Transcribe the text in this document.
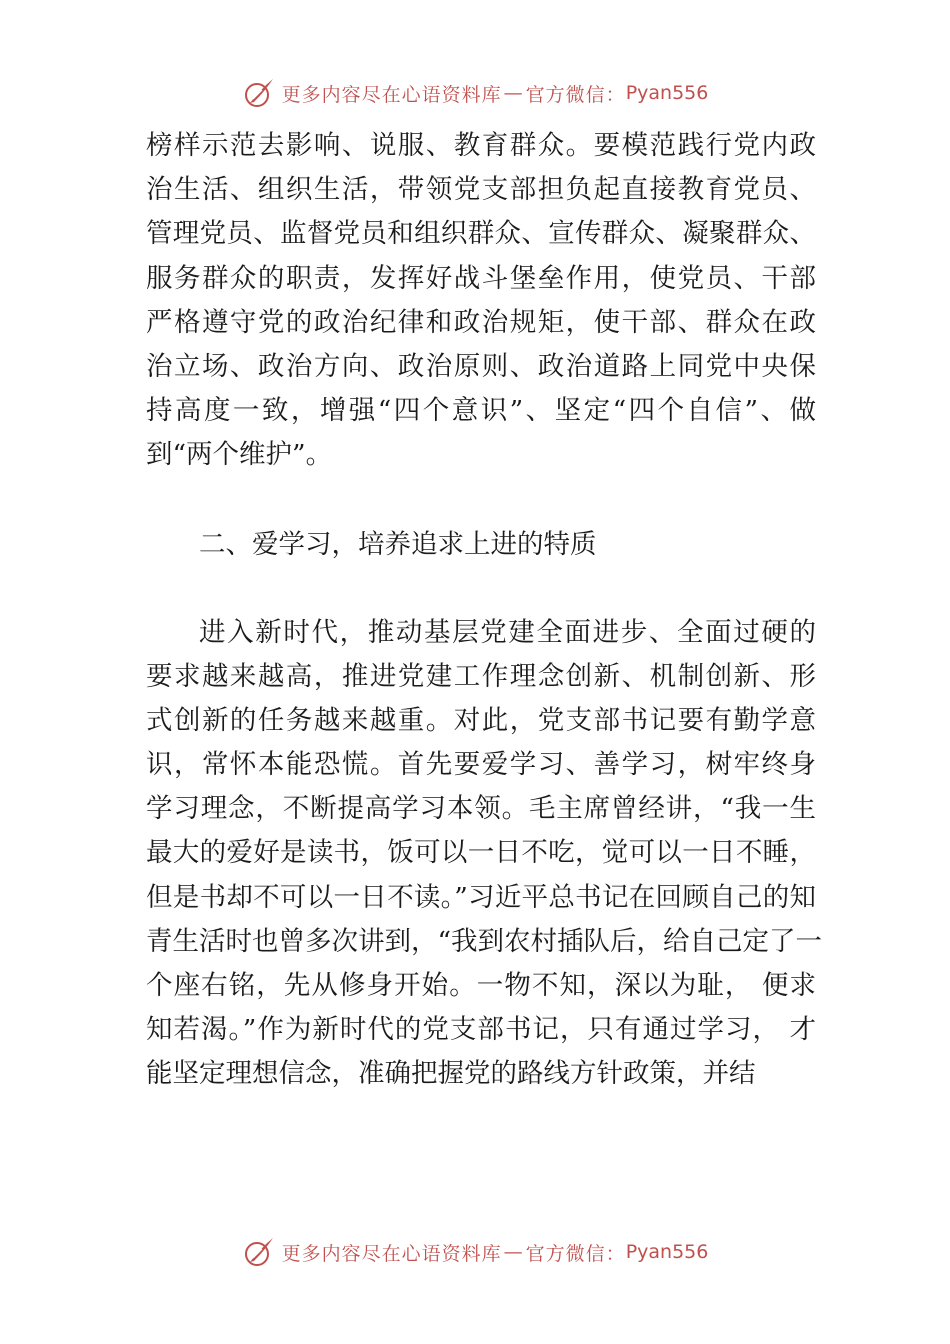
更多内容尽在心语资料库 — 官方微信： Pyan556
榜样示范去影响、说服、教育群众。要模范践行党内政
治生活、组织生活，带领党支部担负起直接教育党员、
管理党员、监督党员和组织群众、宣传群众、凝聚群众、
服务群众的职责，发挥好战斗堡垒作用，使党员、干部
严格遵守党的政治纪律和政治规矩，使干部、群众在政
治立场、政治方向、政治原则、政治道路上同党中央保
持高度一致，增强“四个意识”、坚定“四个自信”、做
到“两个维护”。
二、爱学习，培养追求上进的特质
进入新时代，推动基层党建全面进步、全面过硬的
要求越来越高，推进党建工作理念创新、机制创新、形
式创新的任务越来越重。对此，党支部书记要有勤学意
识，常怀本能恐慌。首先要爱学习、善学习，树牢终身
学习理念，不断提高学习本领。毛主席曾经讲，“我一生
最大的爱好是读书，饭可以一日不吃，觉可以一日不睡，
但是书却不可以一日不读。”习近平总书记在回顾自己的知
青生活时也曾多次讲到，“我到农村插队后，给自己定了一
个座右铭，先从修身开始。一物不知，深以为耻， 便求
知若渴。”作为新时代的党支部书记，只有通过学习， 才
能坚定理想信念，准确把握党的路线方针政策，并结
更多内容尽在心语资料库 — 官方微信： Pyan556
